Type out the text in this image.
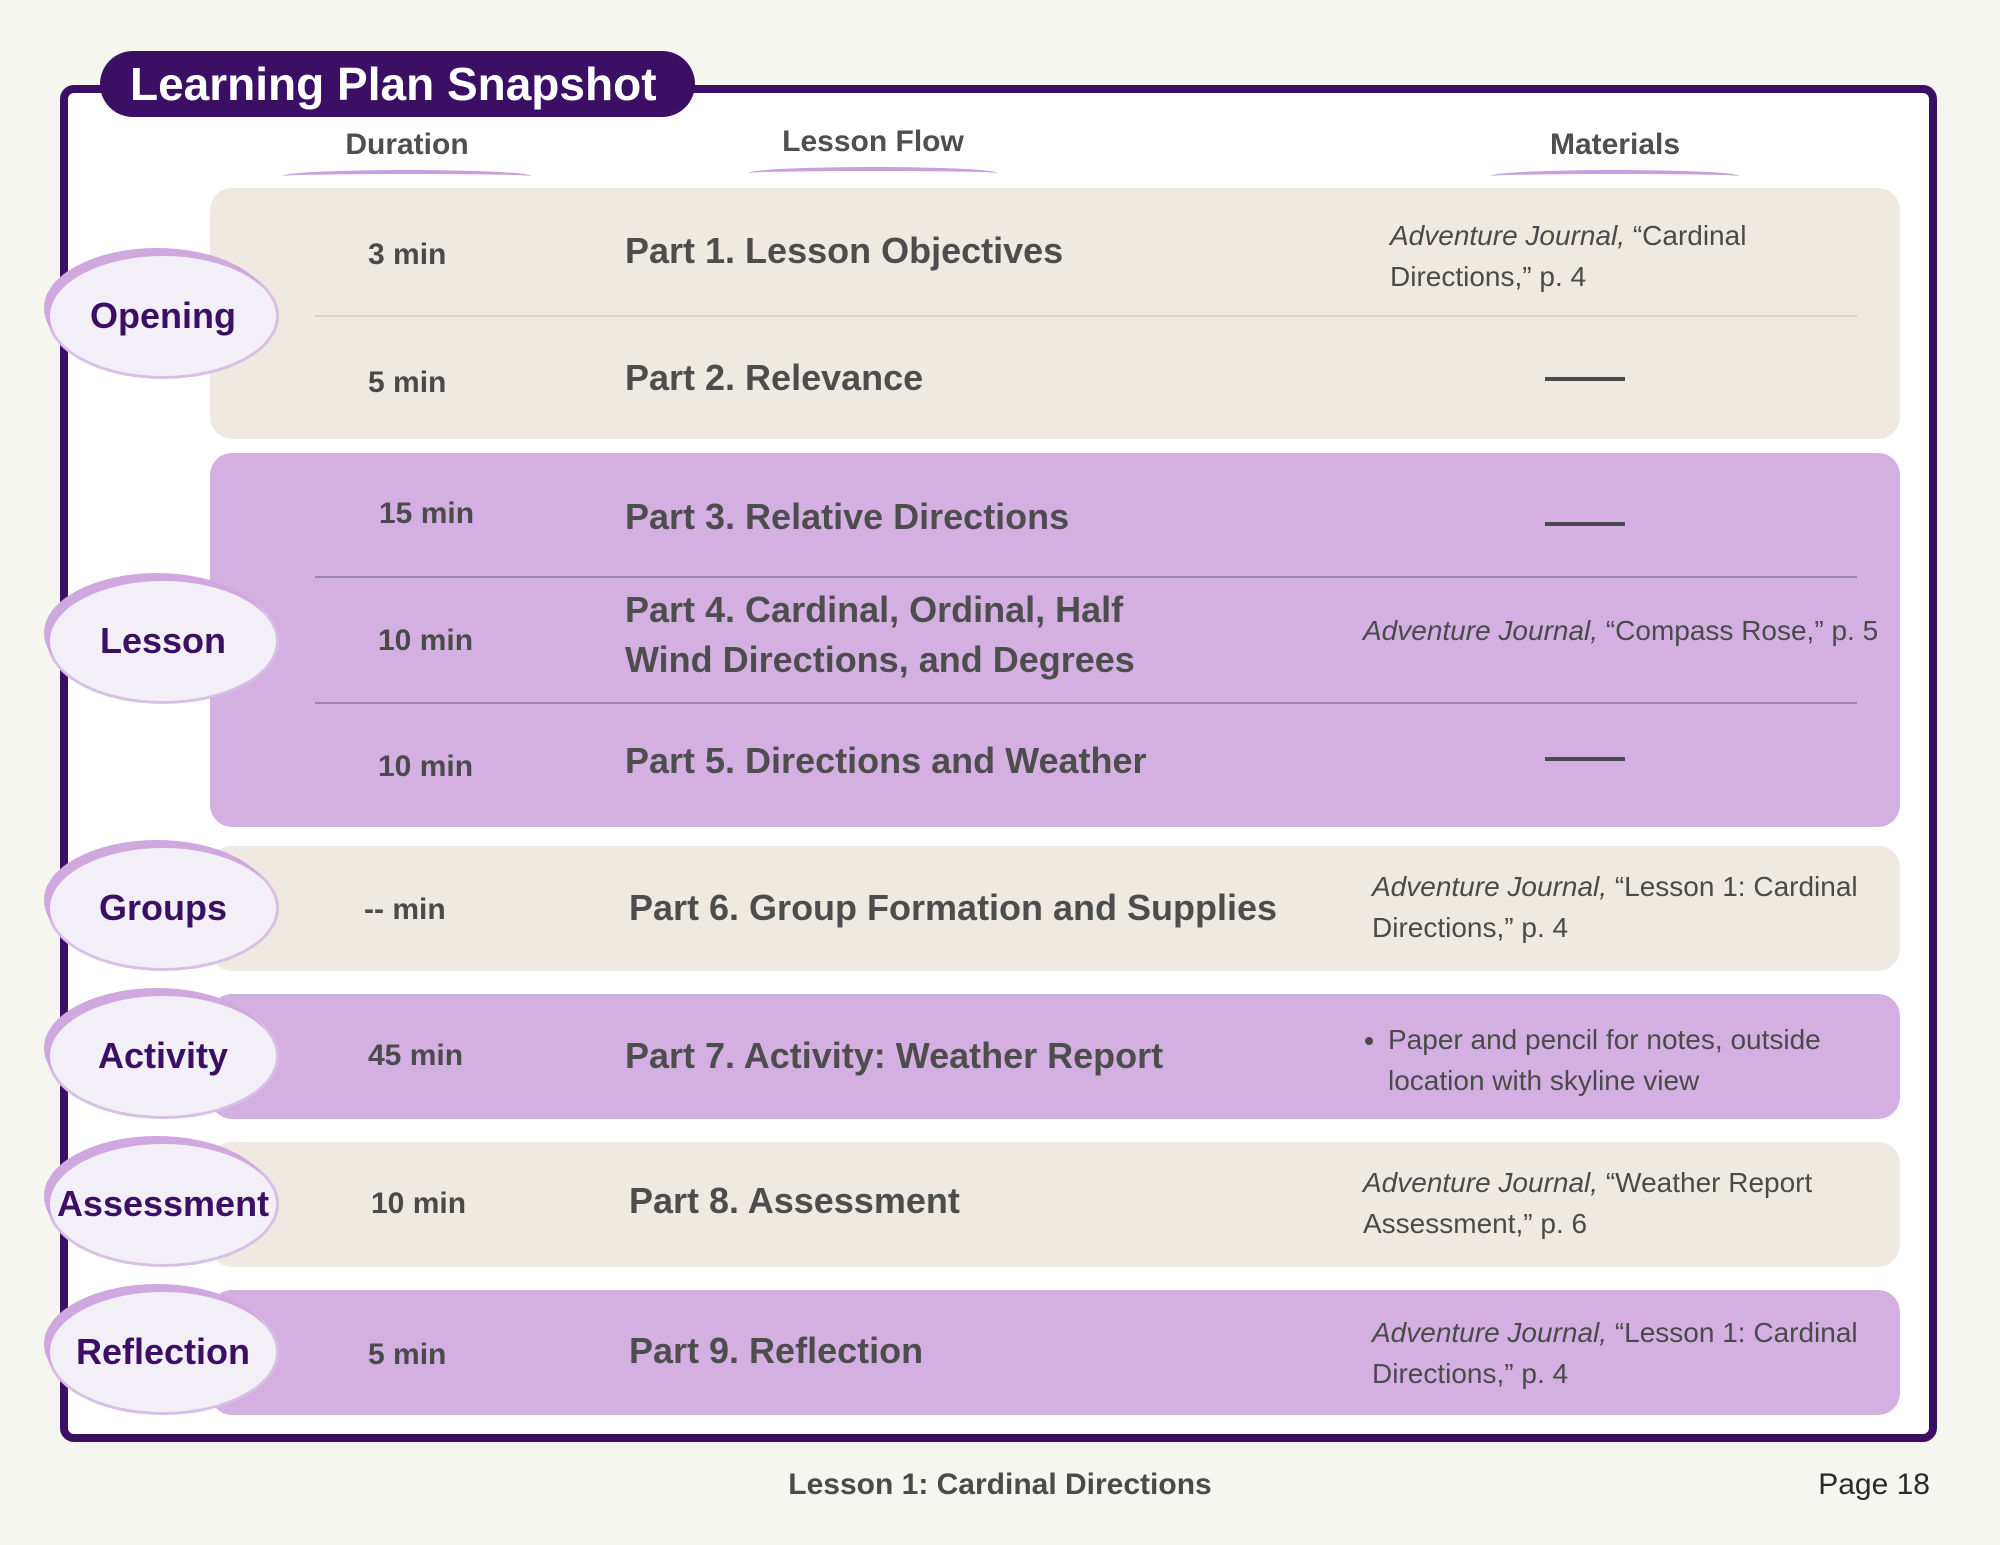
Learning Plan Snapshot
Duration	Lesson Flow	Materials
Opening
Lesson
Groups
Activity
Assessment
Reflection
3 min	Part 1. Lesson Objectives	Adventure Journal, “Cardinal Directions,” p. 4
5 min	Part 2. Relevance
15 min	Part 3. Relative Directions
10 min
Part 4. Cardinal, Ordinal, Half
Wind Directions, and Degrees
Adventure Journal, “Compass Rose,” p. 5
10 min	Part 5. Directions and Weather
-- min	Part 6. Group Formation and Supplies
Adventure Journal, “Lesson 1: Cardinal Directions,” p. 4
45 min	Part 7. Activity: Weather Report
•	Paper and pencil for notes, outside location with skyline view
10 min	Part 8. Assessment	Adventure Journal, “Weather Report Assessment,” p. 6
5 min	Part 9. Reflection	Adventure Journal, “Lesson 1: Cardinal Directions,” p. 4
Lesson 1: Cardinal Directions	Page 18
